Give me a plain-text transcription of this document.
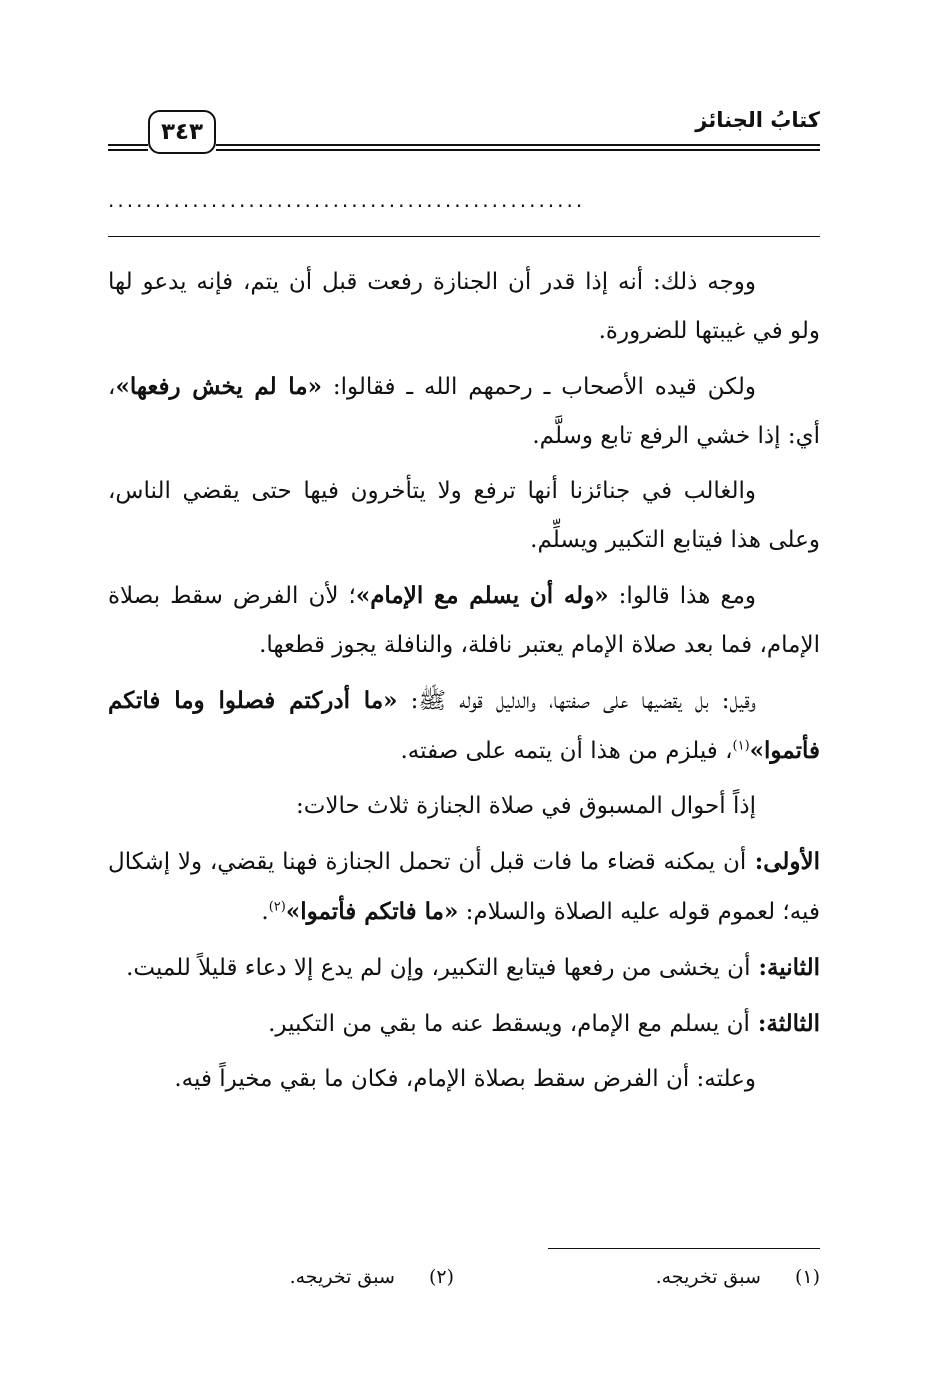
كتابُ الجنائز
٣٤٣
...................................................

ووجه ذلك: أنه إذا قدر أن الجنازة رفعت قبل أن يتم، فإنه يدعو لها ولو في غيبتها للضرورة.

ولكن قيده الأصحاب ـ رحمهم الله ـ فقالوا: «ما لم يخش رفعها»، أي: إذا خشي الرفع تابع وسلَّم.

والغالب في جنائزنا أنها ترفع ولا يتأخرون فيها حتى يقضي الناس، وعلى هذا فيتابع التكبير ويسلِّم.

ومع هذا قالوا: «وله أن يسلم مع الإمام»؛ لأن الفرض سقط بصلاة الإمام، فما بعد صلاة الإمام يعتبر نافلة، والنافلة يجوز قطعها.

وقيل: بل يقضيها على صفتها، والدليل قوله ﷺ: «ما أدركتم فصلوا وما فاتكم فأتموا»$^{(١)}$، فيلزم من هذا أن يتمه على صفته.

إذاً أحوال المسبوق في صلاة الجنازة ثلاث حالات:

الأولى: أن يمكنه قضاء ما فات قبل أن تحمل الجنازة فهنا يقضي، ولا إشكال فيه؛ لعموم قوله عليه الصلاة والسلام: «ما فاتكم فأتموا»$^{(٢)}$.

الثانية: أن يخشى من رفعها فيتابع التكبير، وإن لم يدع إلا دعاء قليلاً للميت.

الثالثة: أن يسلم مع الإمام، ويسقط عنه ما بقي من التكبير.

وعلته: أن الفرض سقط بصلاة الإمام، فكان ما بقي مخيراً فيه.

(١)سبق تخريجه.
(٢)سبق تخريجه.
